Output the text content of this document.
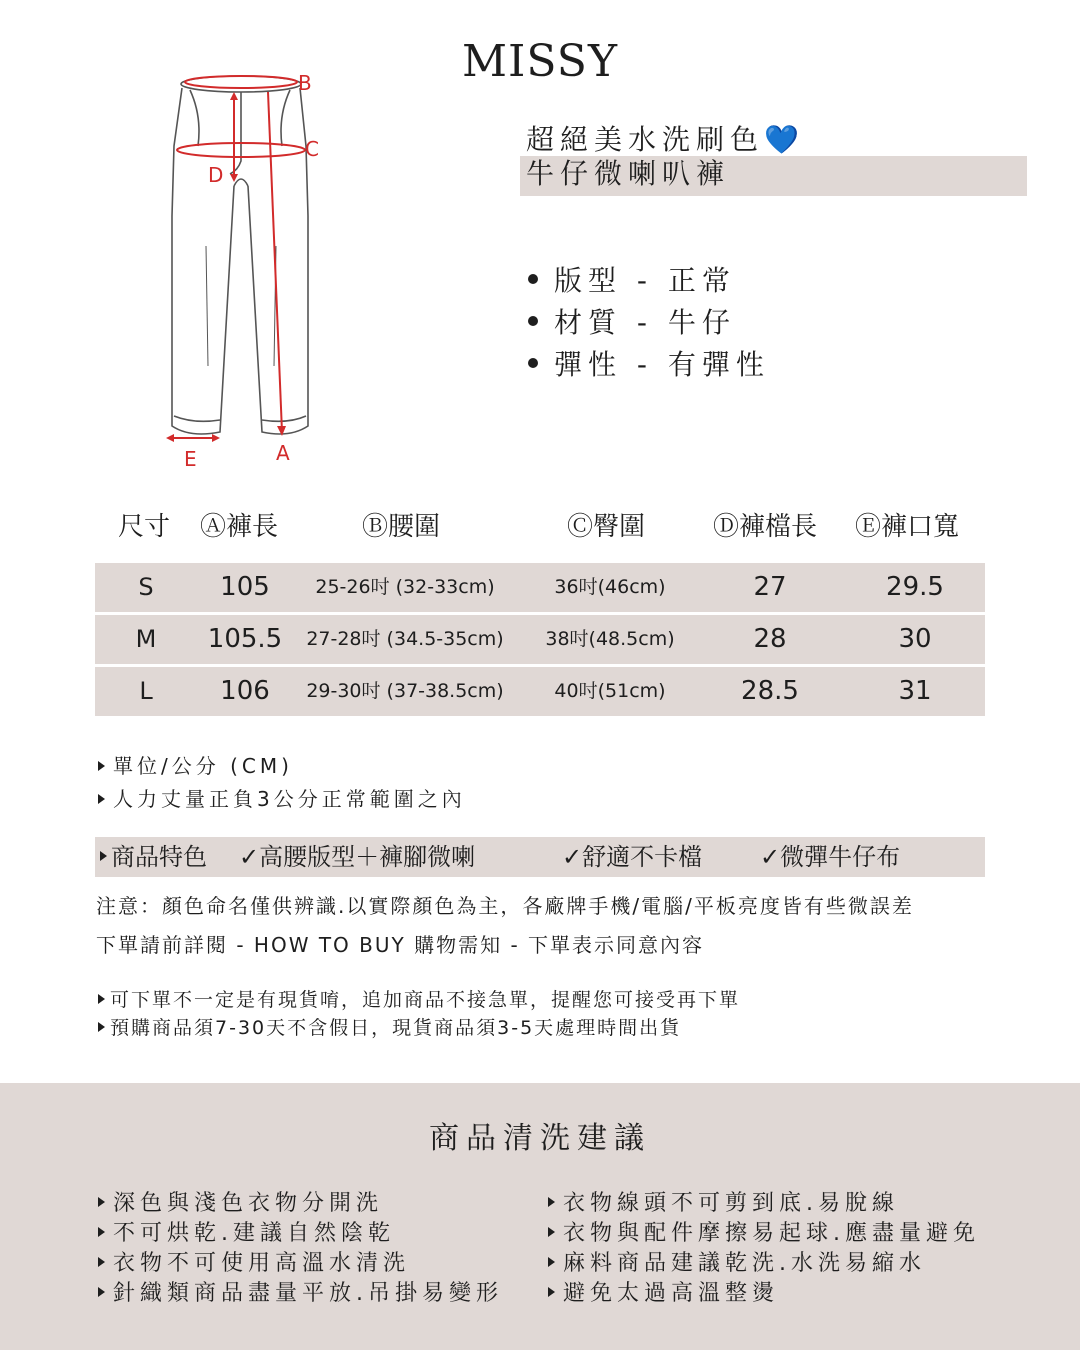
MISSY
B
C
D
E	A
超絕美水洗刷色💙
牛仔微喇叭褲
版型 - 正常
材質 - 牛仔
彈性 - 有彈性
尺寸 Ⓐ褲長	Ⓑ腰圍	Ⓒ臀圍	Ⓓ褲檔長 Ⓔ褲口寬
S	105	25-26吋 (32-33cm)	36吋(46cm)	27	29.5
M	105.5	27-28吋 (34.5-35cm)	38吋(48.5cm)	28	30
L	106	29-30吋 (37-38.5cm)	40吋(51cm)	28.5	31
單位/公分 (CM)
人力丈量正負3公分正常範圍之內
商品特色 ✓高腰版型＋褲腳微喇	✓舒適不卡檔 ✓微彈牛仔布
注意：顏色命名僅供辨識.以實際顏色為主，各廠牌手機/電腦/平板亮度皆有些微誤差
下單請前詳閱 - HOW TO BUY 購物需知 - 下單表示同意內容
可下單不一定是有現貨唷，追加商品不接急單，提醒您可接受再下單
預購商品須7-30天不含假日，現貨商品須3-5天處理時間出貨
商品清洗建議
深色與淺色衣物分開洗
不可烘乾.建議自然陰乾
衣物不可使用高溫水清洗
針織類商品盡量平放.吊掛易變形
衣物線頭不可剪到底.易脫線
衣物與配件摩擦易起球.應盡量避免
麻料商品建議乾洗.水洗易縮水
避免太過高溫整燙
